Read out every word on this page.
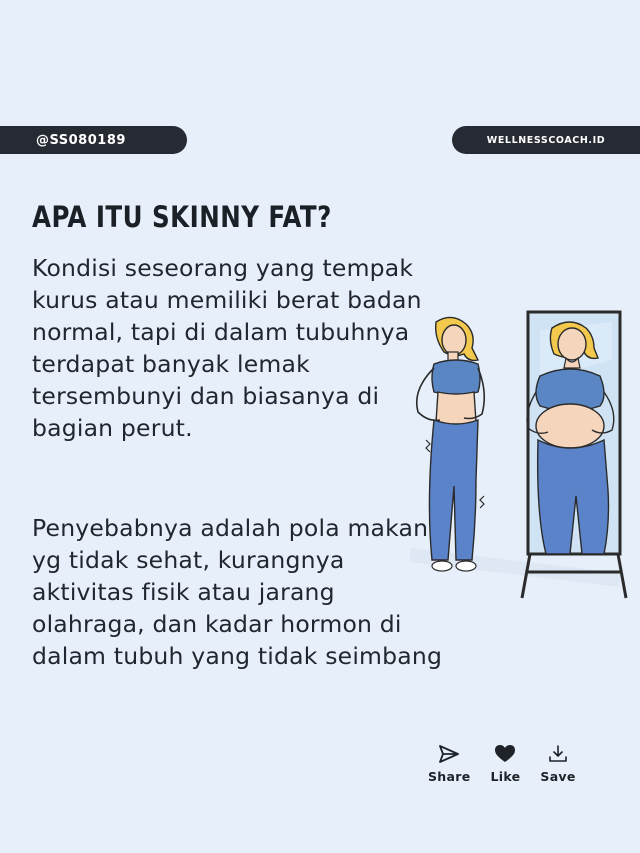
@SS080189	WELLNESSCOACH.ID
APA ITU SKINNY FAT?

Kondisi seseorang yang tempak kurus atau memiliki berat badan normal, tapi di dalam tubuhnya terdapat banyak lemak tersembunyi dan biasanya di bagian perut.

Penyebabnya adalah pola makan yg tidak sehat, kurangnya aktivitas fisik atau jarang olahraga, dan kadar hormon di dalam tubuh yang tidak seimbang

Share Like Save
